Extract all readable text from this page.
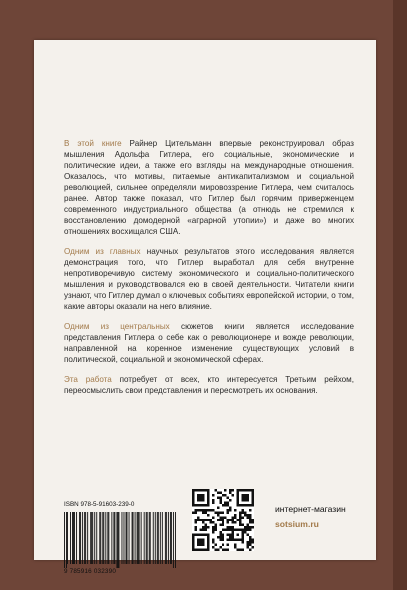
В этой книге Райнер Цительманн впервые реконструировал образ мышления Адольфа Гитлера, его социальные, экономические и политические идеи, а также его взгляды на международные отношения. Оказалось, что мотивы, питаемые антикапитализмом и социальной революцией, сильнее определяли мировоззрение Гитлера, чем считалось ранее. Автор также показал, что Гитлер был горячим приверженцем современного индустриального общества (а отнюдь не стремился к восстановлению домодерной «аграрной утопии») и даже во многих отношениях восхищался США.

Одним из главных научных результатов этого исследования является демонстрация того, что Гитлер выработал для себя внутренне непротиворечивую систему экономического и социально-политического мышления и руководствовался ею в своей деятельности. Читатели книги узнают, что Гитлер думал о ключевых событиях европейской истории, о том, какие авторы оказали на него влияние.

Одним из центральных сюжетов книги является исследование представления Гитлера о себе как о революционере и вожде революции, направленной на коренное изменение существующих условий в политической, социальной и экономической сферах.

Эта работа потребует от всех, кто интересуется Третьим рейхом, переосмыслить свои представления и пересмотреть их основания.

ISBN 978-5-91603-239-0
9 785916 032390
интернет-магазин
sotsium.ru
